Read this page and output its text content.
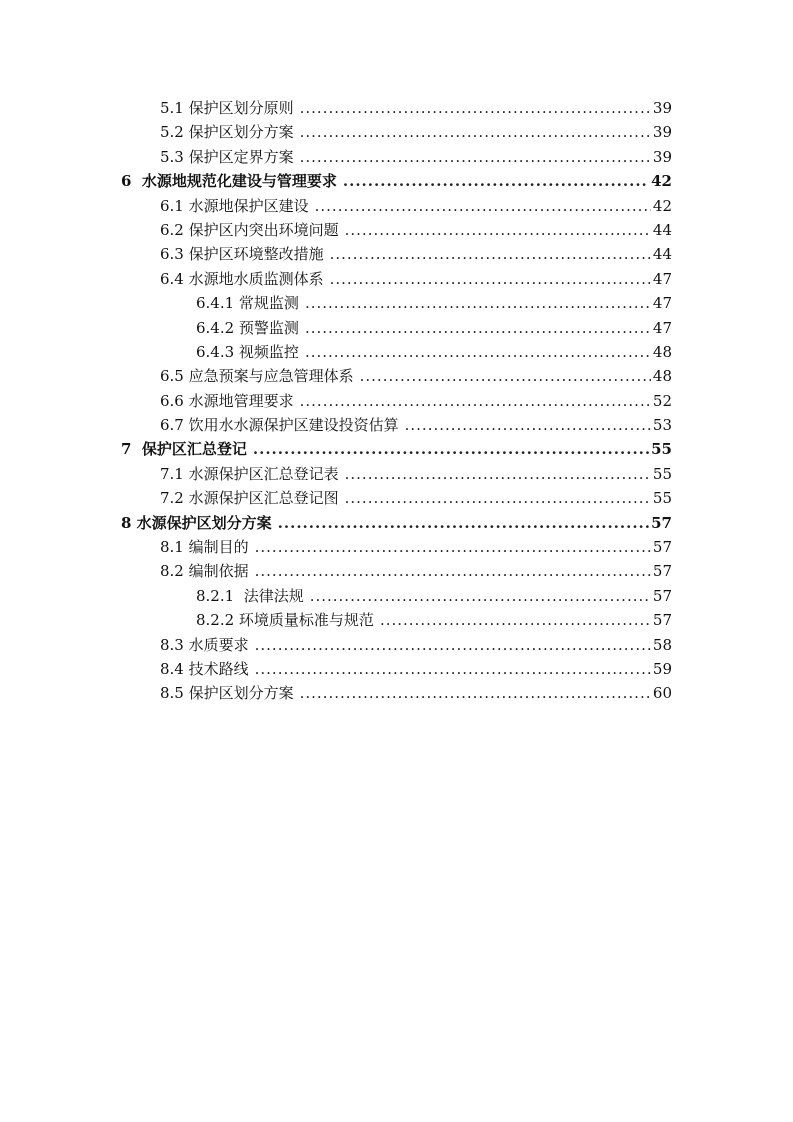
5.1 保护区划分原则 .....	39
5.2 保护区划分方案 .....	39
5.3 保护区定界方案 .....	39
6  水源地规范化建设与管理要求 .....	42
6.1 水源地保护区建设 .....	42
6.2 保护区内突出环境问题 .....	44
6.3 保护区环境整改措施 .....	44
6.4 水源地水质监测体系 .....	47
6.4.1 常规监测 .....	47
6.4.2 预警监测 .....	47
6.4.3 视频监控 .....	48
6.5 应急预案与应急管理体系 .....	48
6.6 水源地管理要求 .....	52
6.7 饮用水水源保护区建设投资估算 .....	53
7  保护区汇总登记 .....	55
7.1 水源保护区汇总登记表 .....	55
7.2 水源保护区汇总登记图 .....	55
8 水源保护区划分方案 .....	57
8.1 编制目的 .....	57
8.2 编制依据 .....	57
8.2.1  法律法规 .....	57
8.2.2 环境质量标准与规范 .....	57
8.3 水质要求 .....	58
8.4 技术路线 .....	59
8.5 保护区划分方案 .....	60
